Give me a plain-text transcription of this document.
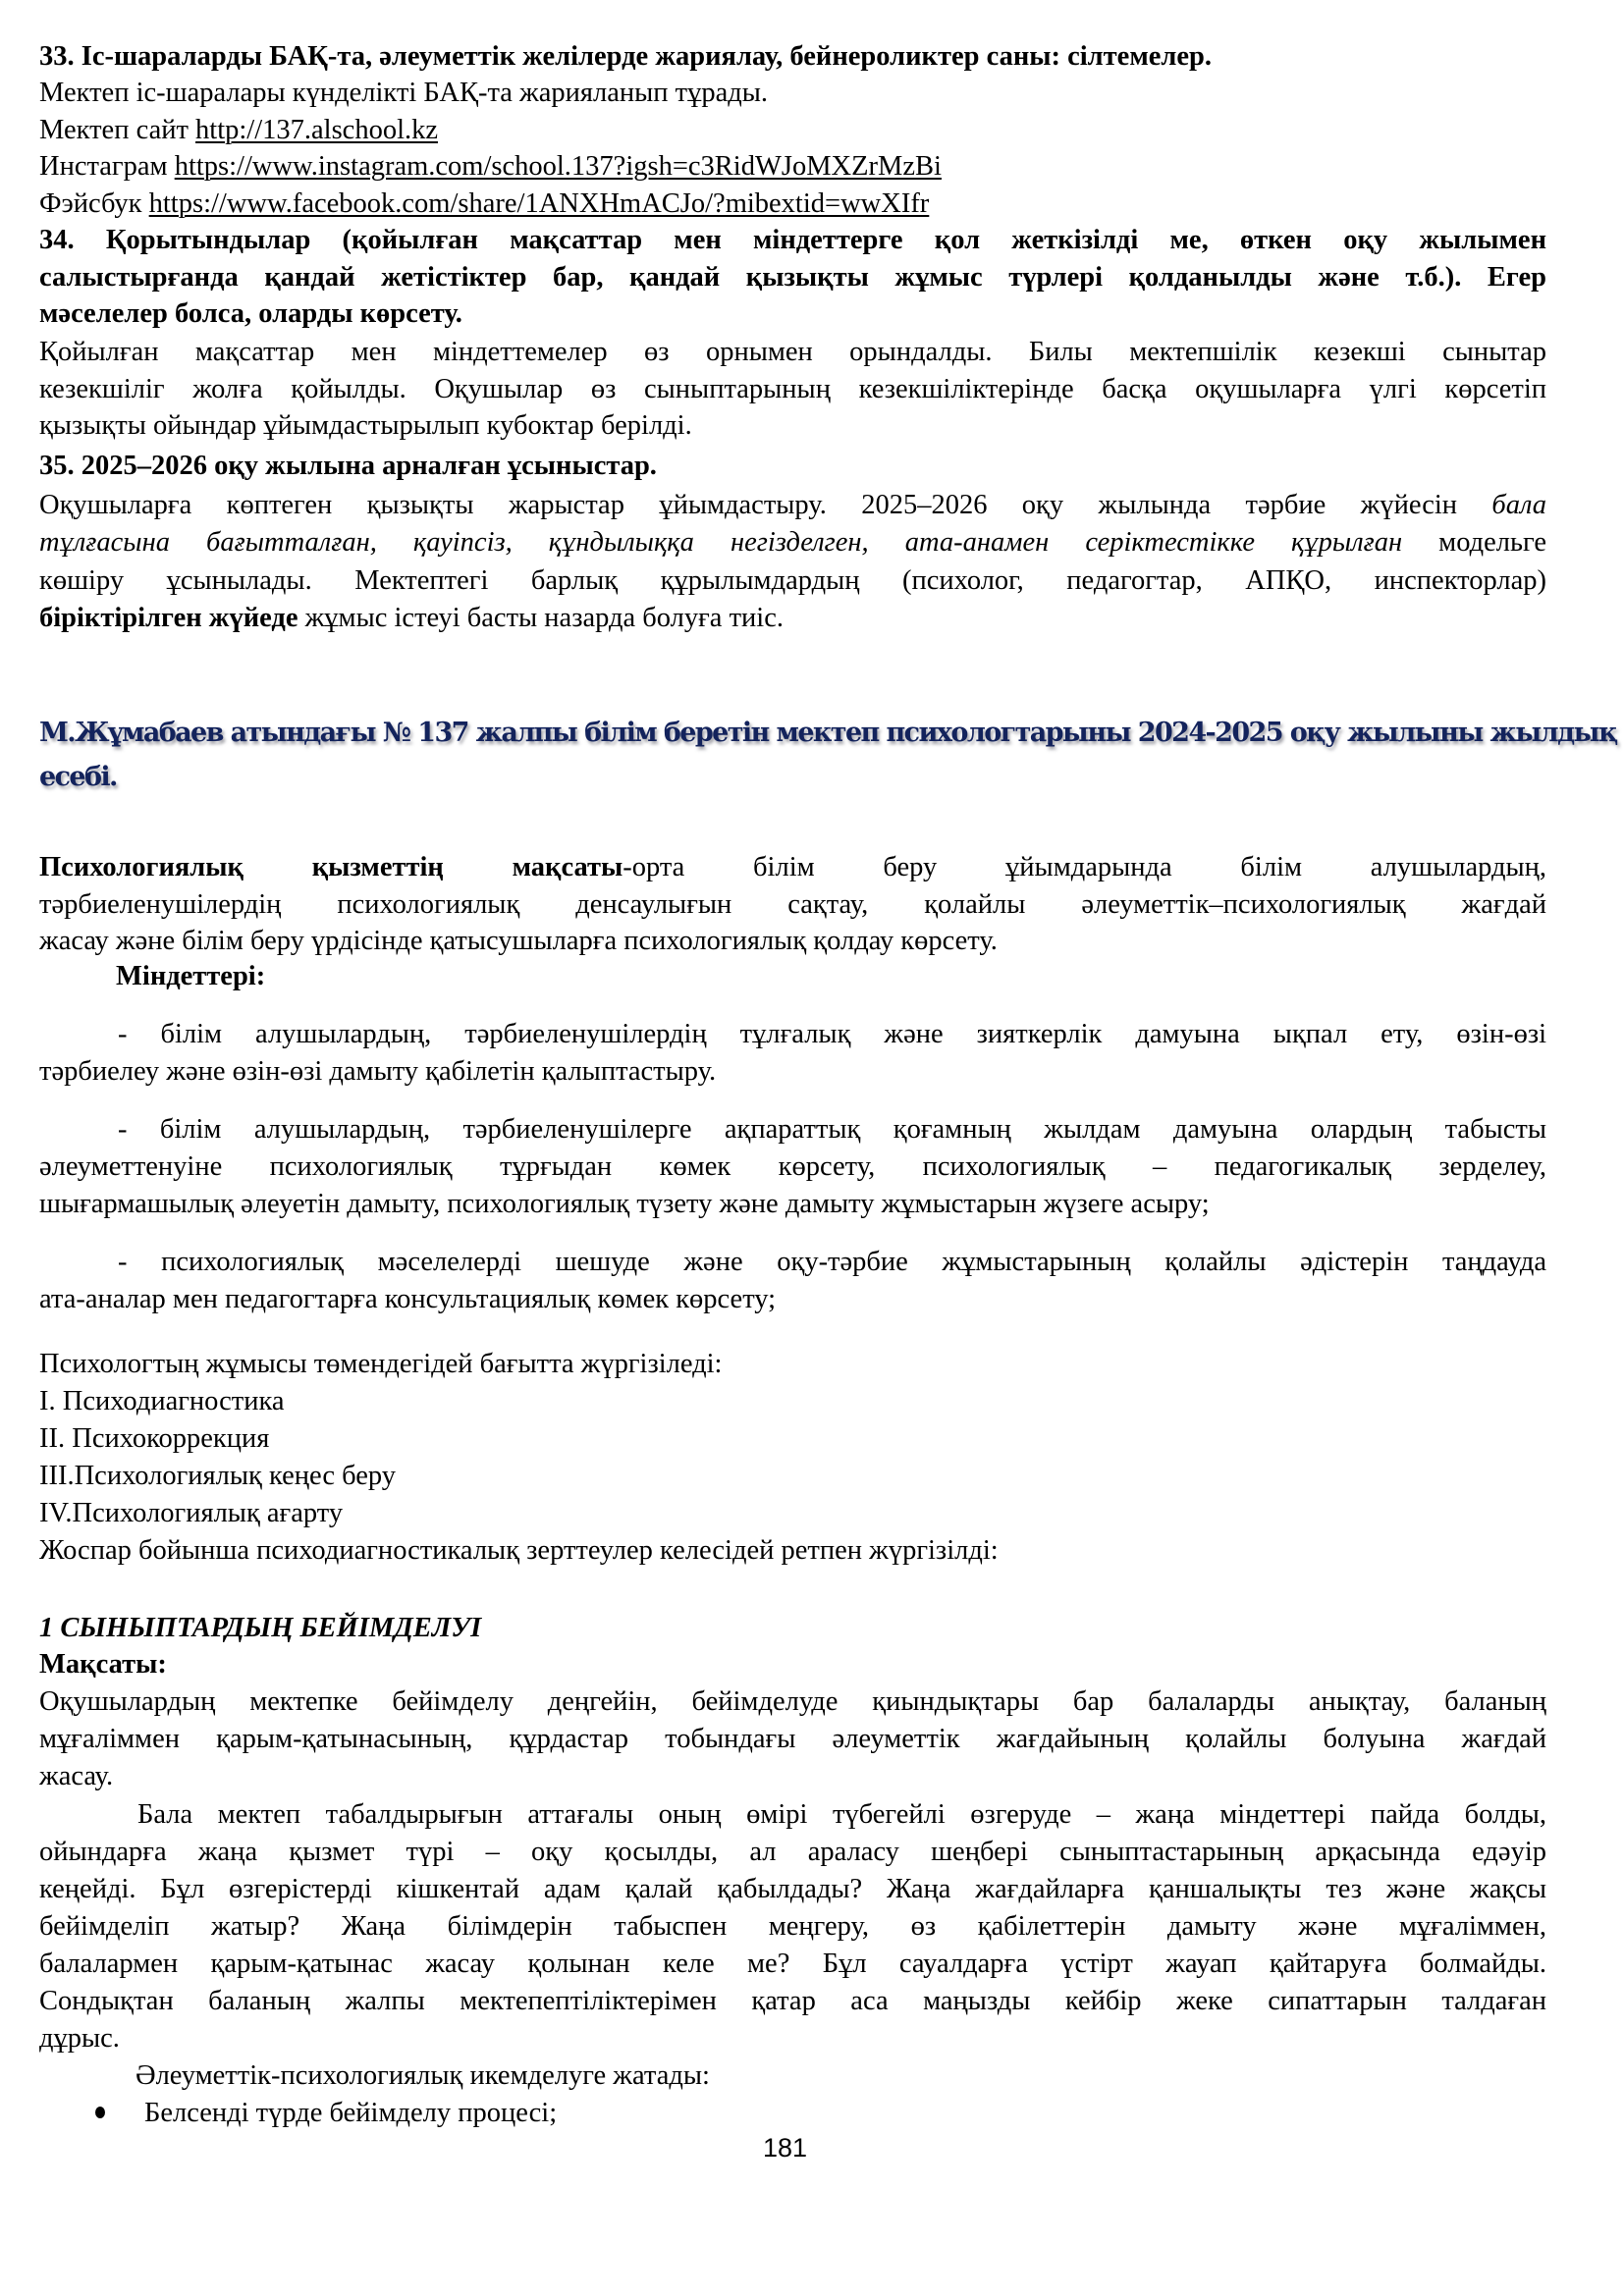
33. Іс-шараларды БАҚ-та, әлеуметтік желілерде жариялау, бейнероликтер саны: сілтемелер.
Мектеп іс-шаралары күнделікті БАҚ-та жарияланып тұрады.
Мектеп сайт http://137.alschool.kz
Инстаграм https://www.instagram.com/school.137?igsh=c3RidWJoMXZrMzBi
Фэйсбук https://www.facebook.com/share/1ANXHmACJo/?mibextid=wwXIfr
34. Қорытындылар (қойылған мақсаттар мен міндеттерге қол жеткізілді ме, өткен оқу жылымен
салыстырғанда қандай жетістіктер бар, қандай қызықты жұмыс түрлері қолданылды және т.б.). Егер
мәселелер болса, оларды көрсету.
Қойылған мақсаттар мен міндеттемелер өз орнымен орындалды. Билы мектепшілік кезекші сынытар
кезекшіліг жолға қойылды. Оқушылар өз сыныптарының кезекшіліктерінде басқа оқушыларға үлгі көрсетіп
қызықты ойындар ұйымдастырылып кубоктар берілді.
35. 2025–2026 оқу жылына арналған ұсыныстар.
Оқушыларға көптеген қызықты жарыстар ұйымдастыру. 2025–2026 оқу жылында тәрбие жүйесін бала
тұлғасына бағытталған, қауіпсіз, құндылыққа негізделген, ата-анамен серіктестікке құрылған модельге
көшіру ұсынылады. Мектептегі барлық құрылымдардың (психолог, педагогтар, АПҚО, инспекторлар)
біріктірілген жүйеде жұмыс істеуі басты назарда болуға тиіс.
М.Жұмабаев атындағы № 137 жалпы білім беретін мектеп психологтарыны 2024-2025 оқу жылыны жылдық
есебі.
Психологиялық қызметтің мақсаты-орта білім беру ұйымдарында білім алушылардың,
тәрбиеленушілердің психологиялық денсаулығын сақтау, қолайлы әлеуметтік–психологиялық жағдай
жасау және білім беру үрдісінде қатысушыларға психологиялық қолдау көрсету.
Міндеттері:
- білім алушылардың, тәрбиеленушілердің тұлғалық және зияткерлік дамуына ықпал ету, өзін-өзі
тәрбиелеу және өзін-өзі дамыту қабілетін қалыптастыру.
- білім алушылардың, тәрбиеленушілерге ақпараттық қоғамның жылдам дамуына олардың табысты
әлеуметтенуіне психологиялық тұрғыдан көмек көрсету, психологиялық – педагогикалық зерделеу,
шығармашылық әлеуетін дамыту, психологиялық түзету және дамыту жұмыстарын жүзеге асыру;
- психологиялық мәселелерді шешуде және оқу-тәрбие жұмыстарының қолайлы әдістерін таңдауда
ата-аналар мен педагогтарға консультациялық көмек көрсету;
Психологтың жұмысы төмендегідей бағытта жүргізіледі:
I. Психодиагностика
II. Психокоррекция
III.Психологиялық кеңес беру
IV.Психологиялық ағарту
Жоспар бойынша психодиагностикалық зерттеулер келесідей ретпен жүргізілді:
1 СЫНЫПТАРДЫҢ БЕЙІМДЕЛУІ
Мақсаты:
Оқушылардың мектепке бейімделу деңгейін, бейімделуде қиындықтары бар балаларды анықтау, баланың
мұғаліммен қарым-қатынасының, құрдастар тобындағы әлеуметтік жағдайының қолайлы болуына жағдай
жасау.
Бала мектеп табалдырығын аттағалы оның өмірі түбегейлі өзгеруде – жаңа міндеттері пайда болды,
ойындарға жаңа қызмет түрі – оқу қосылды, ал араласу шеңбері сыныптастарының арқасында едәуір
кеңейді. Бұл өзгерістерді кішкентай адам қалай қабылдады? Жаңа жағдайларға қаншалықты тез және жақсы
бейімделіп жатыр? Жаңа білімдерін табыспен меңгеру, өз қабілеттерін дамыту және мұғаліммен,
балалармен қарым-қатынас жасау қолынан келе ме? Бұл сауалдарға үстірт жауап қайтаруға болмайды.
Сондықтан баланың жалпы мектепептіліктерімен қатар аса маңызды кейбір жеке сипаттарын талдаған
дұрыс.
Әлеуметтік-психологиялық икемделуге жатады:
Белсенді түрде бейімделу процесі;
181
